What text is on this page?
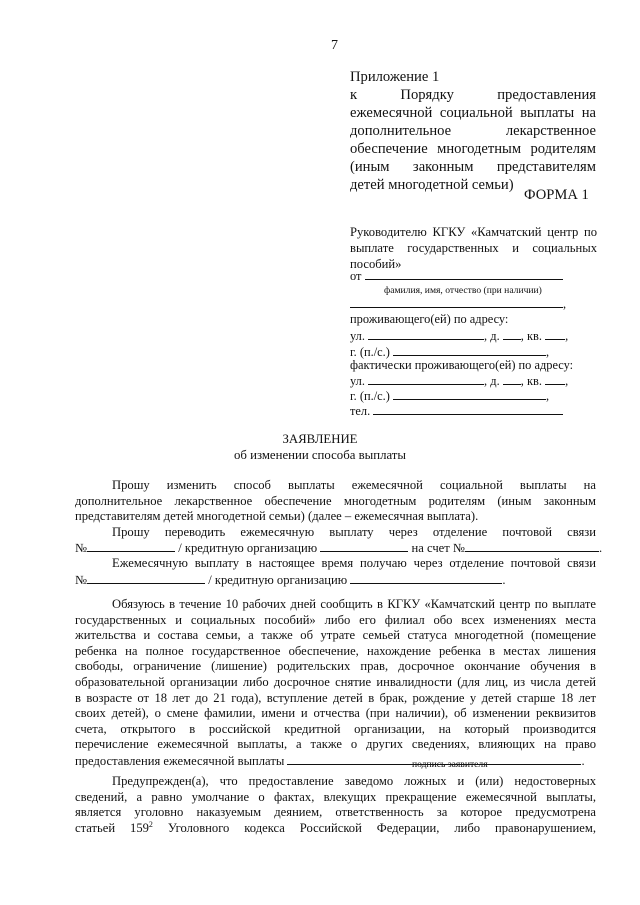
7
Приложение 1
к Порядку предоставления
ежемесячной социальной выплаты на
дополнительное лекарственное
обеспечение многодетным родителям
(иным законным представителям
детей многодетной семьи)
ФОРМА 1
Руководителю КГКУ «Камчатский центр по
выплате государственных и социальных
пособий»
от
фамилия, имя, отчество (при наличии)
,
проживающего(ей) по адресу:
ул.	, д. , кв. ,
г. (п./с.)	,
фактически проживающего(ей) по адресу:
ул.	, д. , кв. ,
г. (п./с.)	,
тел.
ЗАЯВЛЕНИЕ
об изменении способа выплаты
Прошу изменить способ выплаты ежемесячной социальной выплаты на
дополнительное лекарственное обеспечение многодетным родителям (иным законным
представителям детей многодетной семьи) (далее – ежемесячная выплата).
Прошу переводить ежемесячную выплату через отделение почтовой связи
№	/ кредитную организацию	на счет №	.
Ежемесячную выплату в настоящее время получаю через отделение почтовой связи
№	/ кредитную организацию	.
Обязуюсь в течение 10 рабочих дней сообщить в КГКУ «Камчатский центр по выплате
государственных и социальных пособий» либо его филиал обо всех изменениях места
жительства и состава семьи, а также об утрате семьей статуса многодетной (помещение
ребенка на полное государственное обеспечение, нахождение ребенка в местах лишения
свободы, ограничение (лишение) родительских прав, досрочное окончание обучения в
образовательной организации либо досрочное снятие инвалидности (для лиц, из числа детей
в возрасте от 18 лет до 21 года), вступление детей в брак, рождение у детей старше 18 лет
своих детей), о смене фамилии, имени и отчества (при наличии), об изменении реквизитов
счета, открытого в российской кредитной организации, на который производится
перечисление ежемесячной выплаты, а также о других сведениях, влияющих на право
предоставления ежемесячной выплаты	.
подпись заявителя
Предупрежден(а), что предоставление заведомо ложных и (или) недостоверных
сведений, а равно умолчание о фактах, влекущих прекращение ежемесячной выплаты,
является уголовно наказуемым деянием, ответственность за которое предусмотрена
статьей $159^2$ Уголовного кодекса Российской Федерации, либо правонарушением,
